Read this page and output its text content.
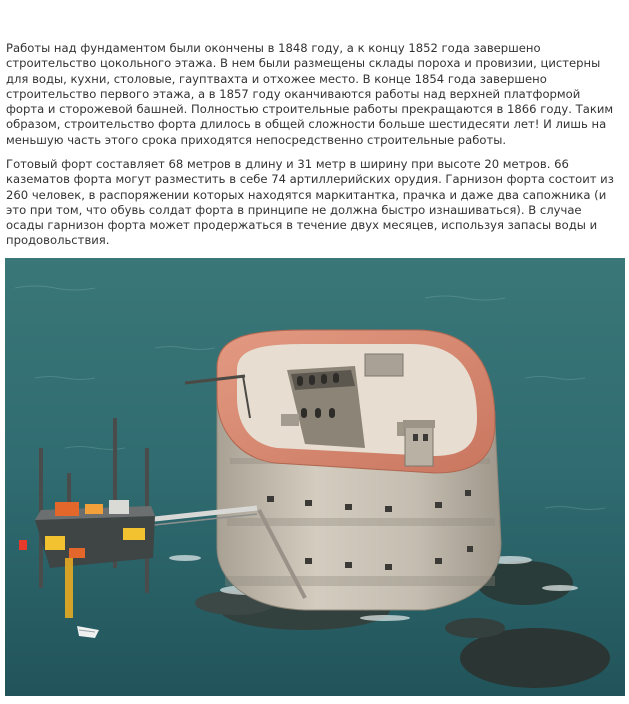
Работы над фундаментом были окончены в 1848 году, а к концу 1852 года завершено строительство цокольного этажа. В нем были размещены склады пороха и провизии, цистерны для воды, кухни, столовые, гауптвахта и отхожее место. В конце 1854 года завершено строительство первого этажа, а в 1857 году оканчиваются работы над верхней платформой форта и сторожевой башней. Полностью строительные работы прекращаются в 1866 году. Таким образом, строительство форта длилось в общей сложности больше шестидесяти лет! И лишь на меньшую часть этого срока приходятся непосредственно строительные работы.

Готовый форт составляет 68 метров в длину и 31 метр в ширину при высоте 20 метров. 66 казематов форта могут разместить в себе 74 артиллерийских орудия. Гарнизон форта состоит из 260 человек, в распоряжении которых находятся маркитантка, прачка и даже два сапожника (и это при том, что обувь солдат форта в принципе не должна быстро изнашиваться). В случае осады гарнизон форта может продержаться в течение двух месяцев, используя запасы воды и продовольствия.
